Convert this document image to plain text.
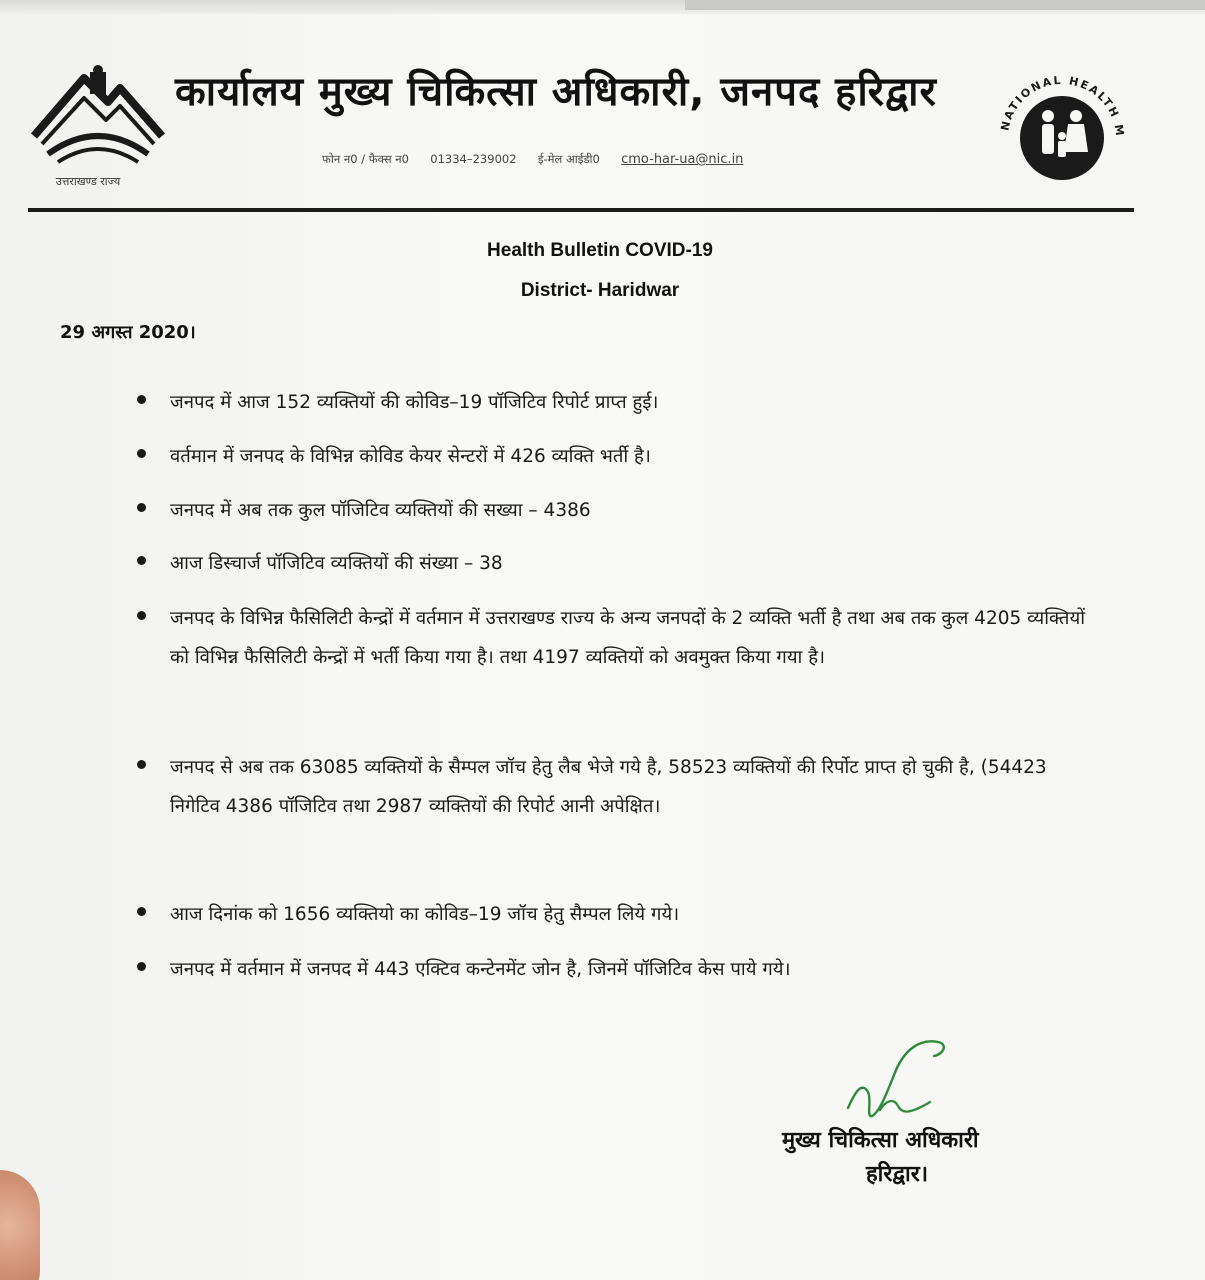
उत्तराखण्ड राज्य
कार्यालय मुख्य चिकित्सा अधिकारी, जनपद हरिद्वार
फोन न0 / फैक्स न0 01334–239002 ई-मेल आईडी0 cmo-har-ua@nic.in
NATIONAL HEALTH M
Health Bulletin COVID-19
District- Haridwar
29 अगस्त 2020।
जनपद में आज 152 व्यक्तियों की कोविड–19 पॉजिटिव रिपोर्ट प्राप्त हुई।
वर्तमान में जनपद के विभिन्न कोविड केयर सेन्टरों में 426 व्यक्ति भर्ती है।
जनपद में अब तक कुल पॉजिटिव व्यक्तियों की सख्या – 4386
आज डिस्चार्ज पॉजिटिव व्यक्तियों की संख्या – 38
जनपद के विभिन्न फैसिलिटी केन्द्रों में वर्तमान में उत्तराखण्ड राज्य के अन्य जनपदों के 2 व्यक्ति भर्ती है तथा अब तक कुल 4205 व्यक्तियों को विभिन्न फैसिलिटी केन्द्रों में भर्ती किया गया है। तथा 4197 व्यक्तियों को अवमुक्त किया गया है।
जनपद से अब तक 63085 व्यक्तियों के सैम्पल जॉच हेतु लैब भेजे गये है, 58523 व्यक्तियों की रिर्पोट प्राप्त हो चुकी है, (54423 निगेटिव 4386 पॉजिटिव तथा 2987 व्यक्तियों की रिपोर्ट आनी अपेक्षित।
आज दिनांक को 1656 व्यक्तियो का कोविड–19 जॉच हेतु सैम्पल लिये गये।
जनपद में वर्तमान में जनपद में 443 एक्टिव कन्टेनमेंट जोन है, जिनमें पॉजिटिव केस पाये गये।
मुख्य चिकित्सा अधिकारी
हरिद्वार।
